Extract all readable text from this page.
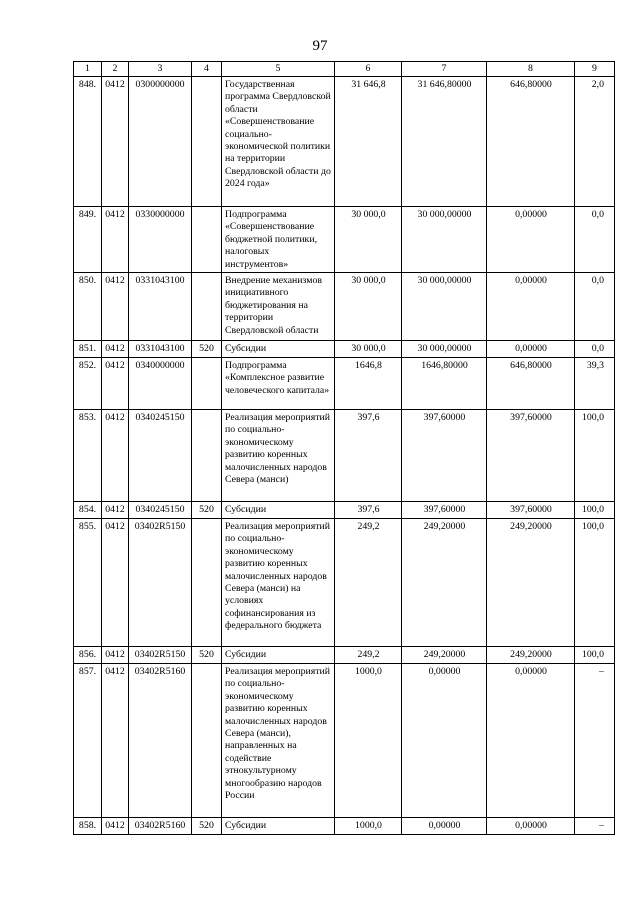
97
1	2	3	4	5	6	7	8	9
848.	0412	0300000000		Государственная программа Свердловской области «Совершенствование социально-экономической политики на территории Свердловской области до 2024 года»	31 646,8	31 646,80000	646,80000	2,0
849.	0412	0330000000		Подпрограмма «Совершенствование бюджетной политики, налоговых инструментов»	30 000,0	30 000,00000	0,00000	0,0
850.	0412	0331043100		Внедрение механизмов инициативного бюджетирования на территории Свердловской области	30 000,0	30 000,00000	0,00000	0,0
851.	0412	0331043100	520	Субсидии	30 000,0	30 000,00000	0,00000	0,0
852.	0412	0340000000		Подпрограмма «Комплексное развитие человеческого капитала»	1646,8	1646,80000	646,80000	39,3
853.	0412	0340245150		Реализация мероприятий по социально-экономическому развитию коренных малочисленных народов Севера (манси)	397,6	397,60000	397,60000	100,0
854.	0412	0340245150	520	Субсидии	397,6	397,60000	397,60000	100,0
855.	0412	03402R5150		Реализация мероприятий по социально-экономическому развитию коренных малочисленных народов Севера (манси) на условиях софинансирования из федерального бюджета	249,2	249,20000	249,20000	100,0
856.	0412	03402R5150	520	Субсидии	249,2	249,20000	249,20000	100,0
857.	0412	03402R5160		Реализация мероприятий по социально-экономическому развитию коренных малочисленных народов Севера (манси), направленных на содействие этнокультурному многообразию народов России	1000,0	0,00000	0,00000	–
858.	0412	03402R5160	520	Субсидии	1000,0	0,00000	0,00000	–
